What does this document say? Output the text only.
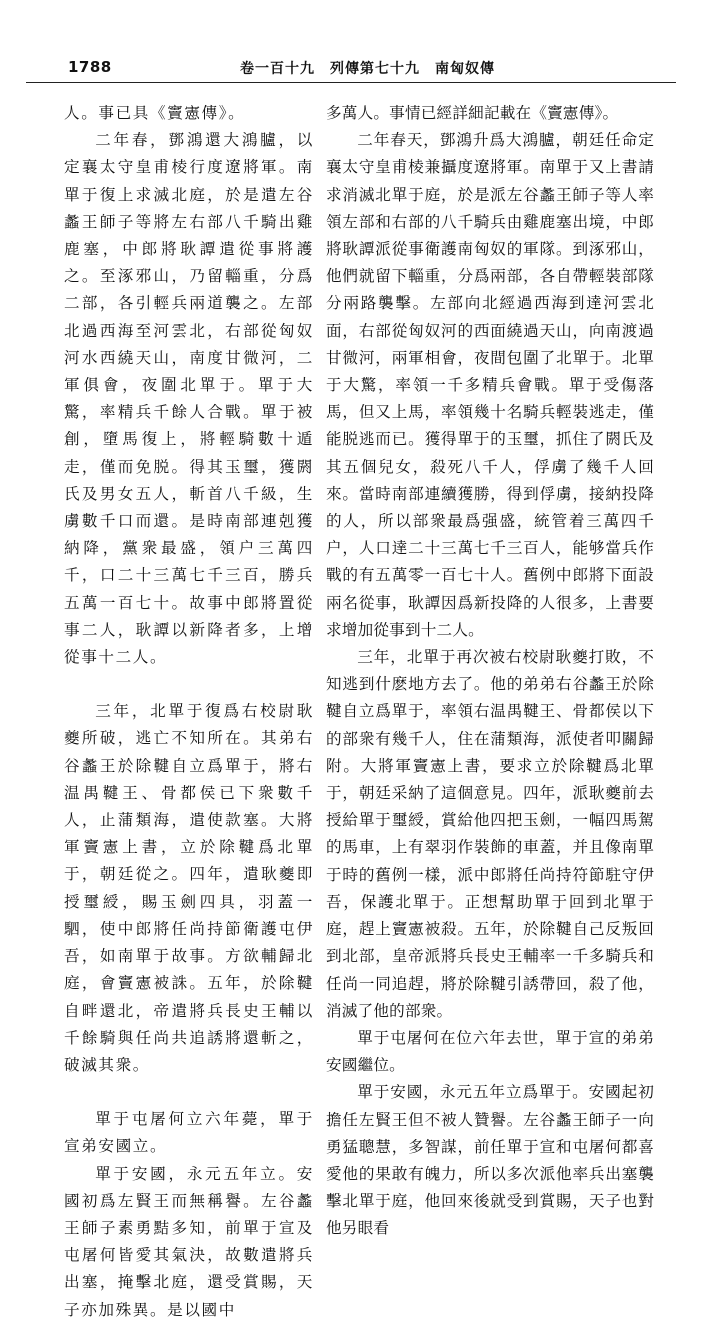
1788	卷一百十九　列傳第七十九　南匈奴傳

人。事已具《竇憲傳》。

二年春，鄧鴻還大鴻臚，以定襄太守皇甫棱行度遼將軍。南單于復上求滅北庭，於是遣左谷蠡王師子等將左右部八千騎出雞鹿塞，中郎將耿譚遣從事將護之。至涿邪山，乃留輜重，分爲二部，各引輕兵兩道襲之。左部北過西海至河雲北，右部從匈奴河水西繞天山，南度甘微河，二軍俱會，夜圍北單于。單于大驚，率精兵千餘人合戰。單于被創，墮馬復上，將輕騎數十遁走，僅而免脱。得其玉璽，獲閼氏及男女五人，斬首八千級，生虜數千口而還。是時南部連剋獲納降，黨衆最盛，領户三萬四千，口二十三萬七千三百，勝兵五萬一百七十。故事中郎將置從事二人，耿譚以新降者多，上增從事十二人。

三年，北單于復爲右校尉耿夔所破，逃亡不知所在。其弟右谷蠡王於除鞬自立爲單于，將右温禺鞬王、骨都侯已下衆數千人，止蒲類海，遣使款塞。大將軍竇憲上書，立於除鞬爲北單于，朝廷從之。四年，遣耿夔即授璽綬，賜玉劍四具，羽蓋一駟，使中郎將任尚持節衛護屯伊吾，如南單于故事。方欲輔歸北庭，會竇憲被誅。五年，於除鞬自畔還北，帝遣將兵長史王輔以千餘騎與任尚共追誘將還斬之，破滅其衆。

單于屯屠何立六年薨，單于宣弟安國立。

單于安國，永元五年立。安國初爲左賢王而無稱譽。左谷蠡王師子素勇黠多知，前單于宣及屯屠何皆愛其氣決，故數遣將兵出塞，掩擊北庭，還受賞賜，天子亦加殊異。是以國中

多萬人。事情已經詳細記載在《竇憲傳》。

二年春天，鄧鴻升爲大鴻臚，朝廷任命定襄太守皇甫棱兼攝度遼將軍。南單于又上書請求消滅北單于庭，於是派左谷蠡王師子等人率領左部和右部的八千騎兵由雞鹿塞出境，中郎將耿譚派從事衛護南匈奴的軍隊。到涿邪山，他們就留下輜重，分爲兩部，各自帶輕裝部隊分兩路襲擊。左部向北經過西海到達河雲北面，右部從匈奴河的西面繞過天山，向南渡過甘微河，兩軍相會，夜間包圍了北單于。北單于大驚，率領一千多精兵會戰。單于受傷落馬，但又上馬，率領幾十名騎兵輕裝逃走，僅能脱逃而已。獲得單于的玉璽，抓住了閼氏及其五個兒女，殺死八千人，俘虜了幾千人回來。當時南部連續獲勝，得到俘虜，接納投降的人，所以部衆最爲强盛，統管着三萬四千户，人口達二十三萬七千三百人，能够當兵作戰的有五萬零一百七十人。舊例中郎將下面設兩名從事，耿譚因爲新投降的人很多，上書要求增加從事到十二人。

三年，北單于再次被右校尉耿夔打敗，不知逃到什麽地方去了。他的弟弟右谷蠡王於除鞬自立爲單于，率領右温禺鞬王、骨都侯以下的部衆有幾千人，住在蒲類海，派使者叩關歸附。大將軍竇憲上書，要求立於除鞬爲北單于，朝廷采納了這個意見。四年，派耿夔前去授給單于璽綬，賞給他四把玉劍，一幅四馬駕的馬車，上有翠羽作裝飾的車蓋，并且像南單于時的舊例一樣，派中郎將任尚持符節駐守伊吾，保護北單于。正想幫助單于回到北單于庭，趕上竇憲被殺。五年，於除鞬自己反叛回到北部，皇帝派將兵長史王輔率一千多騎兵和任尚一同追趕，將於除鞬引誘帶回，殺了他，消滅了他的部衆。

單于屯屠何在位六年去世，單于宣的弟弟安國繼位。

單于安國，永元五年立爲單于。安國起初擔任左賢王但不被人贊譽。左谷蠡王師子一向勇猛聰慧，多智謀，前任單于宣和屯屠何都喜愛他的果敢有魄力，所以多次派他率兵出塞襲擊北單于庭，他回來後就受到賞賜，天子也對他另眼看
